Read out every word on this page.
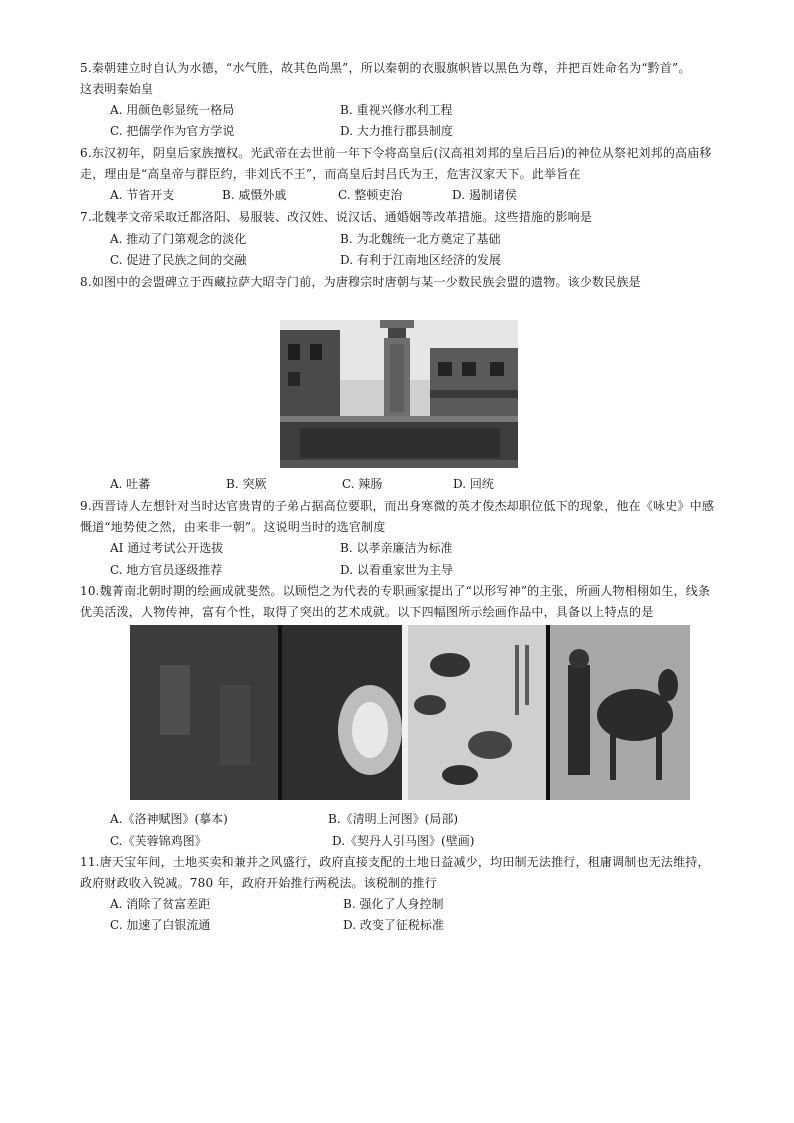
5.秦朝建立时自认为水德，“水气胜，故其色尚黑”，所以秦朝的衣服旗帜皆以黑色为尊，并把百姓命名为“黔首”。
这表明秦始皇
A. 用颜色彰显统一格局	B. 重视兴修水利工程
C. 把儒学作为官方学说	D. 大力推行郡县制度
6.东汉初年，阴皇后家族擅权。光武帝在去世前一年下令将高皇后(汉高祖刘邦的皇后吕后)的神位从祭祀刘邦的高庙移
走，理由是“高皇帝与群臣约，非刘氏不王”，而高皇后封吕氏为王，危害汉家天下。此举旨在
A. 节省开支	B. 威慑外戚	C. 整顿吏治	D. 遏制诸侯
7.北魏孝文帝采取迁都洛阳、易服装、改汉姓、说汉话、通婚姻等改革措施。这些措施的影响是
A. 推动了门第观念的淡化	B. 为北魏统一北方奠定了基础
C. 促进了民族之间的交融	D. 有利于江南地区经济的发展
8.如图中的会盟碑立于西藏拉萨大昭寺门前，为唐穆宗时唐朝与某一少数民族会盟的遗物。该少数民族是
A. 吐蕃	B. 突厥	C. 辣肠	D. 回统
9.西晋诗人左想针对当时达官贵胄的子弟占据高位要职，而出身寒微的英才俊杰却职位低下的现象，他在《咏史》中感
慨道“地势使之然，由来非一朝”。这说明当时的选官制度
AI 通过考试公开选拔	B. 以孝亲廉洁为标准
C. 地方官员逐级推荐	D. 以看重家世为主导
10.魏菁南北朝时期的绘画成就斐然。以顾恺之为代表的专职画家提出了“以形写神”的主张，所画人物相栩如生，线条
优美活泼，人物传神，富有个性，取得了突出的艺术成就。以下四幅图所示绘画作品中，具备以上特点的是
A.《洛神赋图》(摹本)	B.《清明上河图》(局部)
C.《芙蓉锦鸡图》	D.《契丹人引马图》(壁画)
11.唐天宝年间，土地买卖和兼并之风盛行，政府直接支配的土地日益减少，均田制无法推行，租庸调制也无法维持，
政府财政收入锐减。780 年，政府开始推行两税法。该税制的推行
A. 消除了贫富差距	B. 强化了人身控制
C. 加速了白银流通	D. 改变了征税标准
